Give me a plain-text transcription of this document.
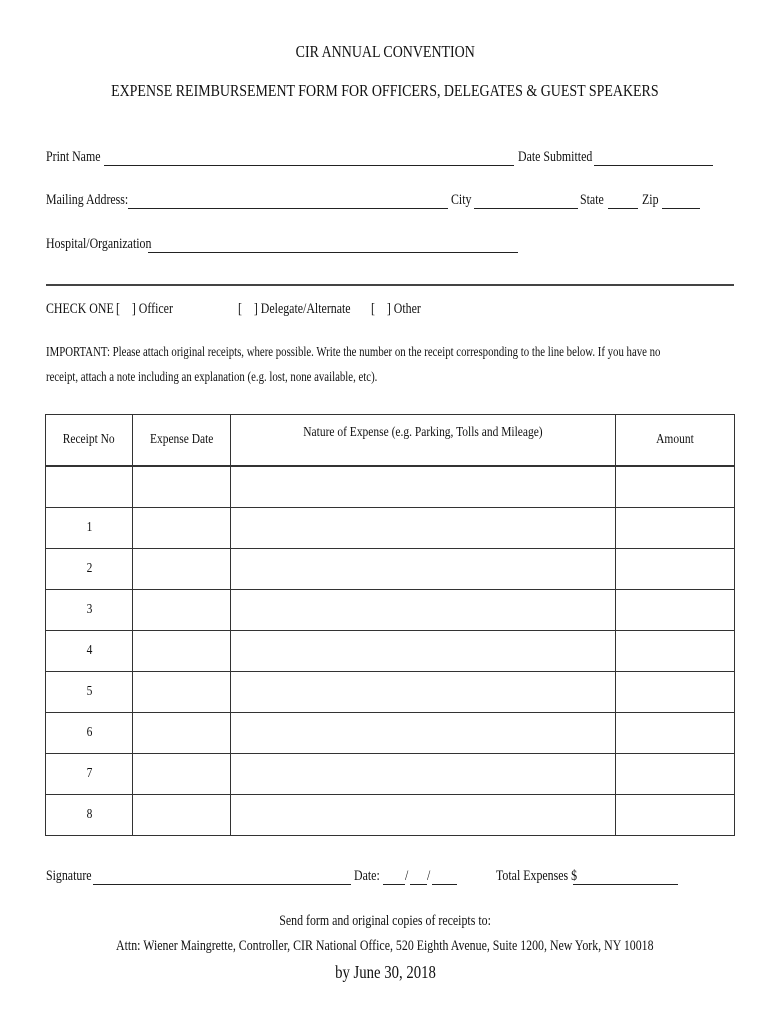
CIR ANNUAL CONVENTION
EXPENSE REIMBURSEMENT FORM FOR OFFICERS, DELEGATES & GUEST SPEAKERS
Print Name	Date Submitted
Mailing Address:	City	State	Zip
Hospital/Organization
CHECK ONE [    ] Officer	[    ] Delegate/Alternate	[    ] Other
IMPORTANT: Please attach original receipts, where possible. Write the number on the receipt corresponding to the line below. If you have no
receipt, attach a note including an explanation (e.g. lost, none available, etc).
Receipt No	Expense Date	Nature of Expense (e.g. Parking, Tolls and Mileage)	Amount

1			
2			
3			
4			
5			
6			
7			
8			
Signature	Date:	/ /	Total Expenses $
Send form and original copies of receipts to:
Attn: Wiener Maingrette, Controller, CIR National Office, 520 Eighth Avenue, Suite 1200, New York, NY 10018
by June 30, 2018
